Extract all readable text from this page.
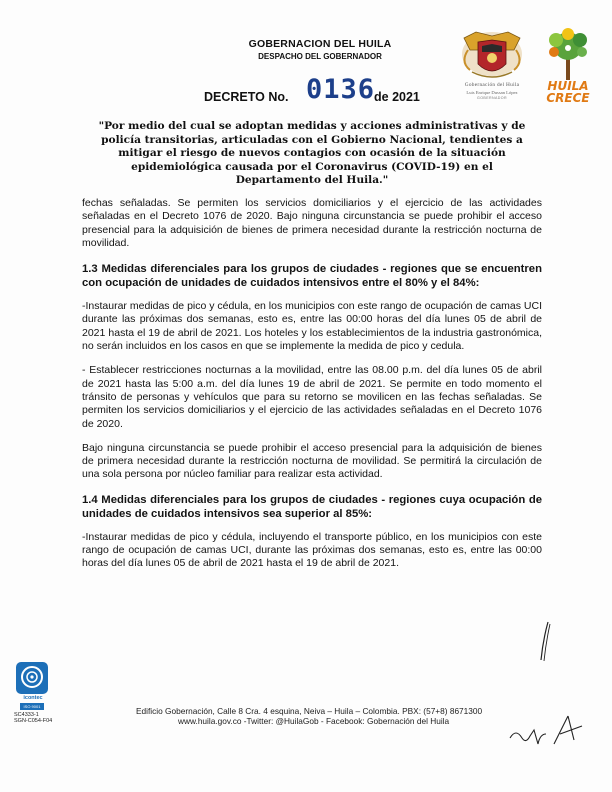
GOBERNACION DEL HUILA
DESPACHO DEL GOBERNADOR
DECRETO No. 0136
de 2021
Gobernación del Huila
Luis Enrique Dussan López
GOBERNADOR
HUILA
CRECE
"Por medio del cual se adoptan medidas y acciones administrativas y de policía transitorias, articuladas con el Gobierno Nacional, tendientes a mitigar el riesgo de nuevos contagios con ocasión de la situación epidemiológica causada por el Coronavirus (COVID-19) en el Departamento del Huila."

fechas señaladas. Se permiten los servicios domiciliarios y el ejercicio de las actividades señaladas en el Decreto 1076 de 2020. Bajo ninguna circunstancia se puede prohibir el acceso presencial para la adquisición de bienes de primera necesidad durante la restricción nocturna de movilidad.

1.3 Medidas diferenciales para los grupos de ciudades - regiones que se encuentren con ocupación de unidades de cuidados intensivos entre el 80% y el 84%:

-Instaurar medidas de pico y cédula, en los municipios con este rango de ocupación de camas UCI durante las próximas dos semanas, esto es, entre las 00:00 horas del día lunes 05 de abril de 2021 hasta el 19 de abril de 2021. Los hoteles y los establecimientos de la industria gastronómica, no serán incluidos en los casos en que se implemente la medida de pico y cedula.

- Establecer restricciones nocturnas a la movilidad, entre las 08.00 p.m. del día lunes 05 de abril de 2021 hasta las 5:00 a.m. del día lunes 19 de abril de 2021. Se permite en todo momento el tránsito de personas y vehículos que para su retorno se movilicen en las fechas señaladas. Se permiten los servicios domiciliarios y el ejercicio de las actividades señaladas en el Decreto 1076 de 2020.

Bajo ninguna circunstancia se puede prohibir el acceso presencial para la adquisición de bienes de primera necesidad durante la restricción nocturna de movilidad. Se permitirá la circulación de una sola persona por núcleo familiar para realizar esta actividad.

1.4 Medidas diferenciales para los grupos de ciudades - regiones cuya ocupación de unidades de cuidados intensivos sea superior al 85%:

-Instaurar medidas de pico y cédula, incluyendo el transporte público, en los municipios con este rango de ocupación de camas UCI, durante las próximas dos semanas, esto es, entre las 00:00 horas del día lunes 05 de abril de 2021 hasta el 19 de abril de 2021.

icontec
ISO 9001
SC4333-1
SGN-C054-F04
Edificio Gobernación, Calle 8 Cra. 4 esquina, Neiva – Huila – Colombia. PBX: (57+8) 8671300
www.huila.gov.co -Twitter: @HuilaGob - Facebook: Gobernación del Huila
